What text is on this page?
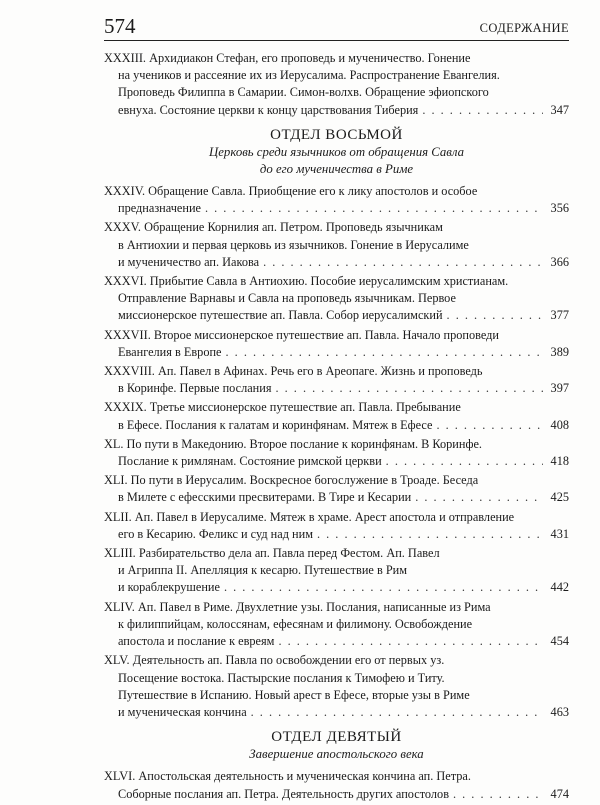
574	СОДЕРЖАНИЕ
XXXIII. Архидиакон Стефан, его проповедь и мученичество. Гонение
на учеников и рассеяние их из Иерусалима. Распространение Евангелия.
Проповедь Филиппа в Самарии. Симон-волхв. Обращение эфиопского
евнуха. Состояние церкви к концу царствования Тиберия . . .	347
ОТДЕЛ ВОСЬМОЙ
Церковь среди язычников от обращения Савла
до его мученичества в Риме
XXXIV. Обращение Савла. Приобщение его к лику апостолов и особое
предназначение . . .	356
XXXV. Обращение Корнилия ап. Петром. Проповедь язычникам
в Антиохии и первая церковь из язычников. Гонение в Иерусалиме
и мученичество ап. Иакова . . .	366
XXXVI. Прибытие Савла в Антиохию. Пособие иерусалимским христианам.
Отправление Варнавы и Савла на проповедь язычникам. Первое
миссионерское путешествие ап. Павла. Собор иерусалимский . . .	377
XXXVII. Второе миссионерское путешествие ап. Павла. Начало проповеди
Евангелия в Европе . . .	389
XXXVIII. Ап. Павел в Афинах. Речь его в Ареопаге. Жизнь и проповедь
в Коринфе. Первые послания . . .	397
XXXIX. Третье миссионерское путешествие ап. Павла. Пребывание
в Ефесе. Послания к галатам и коринфянам. Мятеж в Ефесе . . .	408
XL. По пути в Македонию. Второе послание к коринфянам. В Коринфе.
Послание к римлянам. Состояние римской церкви . . .	418
XLI. По пути в Иерусалим. Воскресное богослужение в Троаде. Беседа
в Милете с ефесскими пресвитерами. В Тире и Кесарии . . .	425
XLII. Ап. Павел в Иерусалиме. Мятеж в храме. Арест апостола и отправление
его в Кесарию. Феликс и суд над ним . . .	431
XLIII. Разбирательство дела ап. Павла перед Фестом. Ап. Павел
и Агриппа II. Апелляция к кесарю. Путешествие в Рим
и кораблекрушение . . .	442
XLIV. Ап. Павел в Риме. Двухлетние узы. Послания, написанные из Рима
к филиппийцам, колоссянам, ефесянам и филимону. Освобождение
апостола и послание к евреям . . .	454
XLV. Деятельность ап. Павла по освобождении его от первых уз.
Посещение востока. Пастырские послания к Тимофею и Титу.
Путешествие в Испанию. Новый арест в Ефесе, вторые узы в Риме
и мученическая кончина . . .	463
ОТДЕЛ ДЕВЯТЫЙ
Завершение апостольского века
XLVI. Апостольская деятельность и мученическая кончина ап. Петра.
Соборные послания ап. Петра. Деятельность других апостолов . . .	474
